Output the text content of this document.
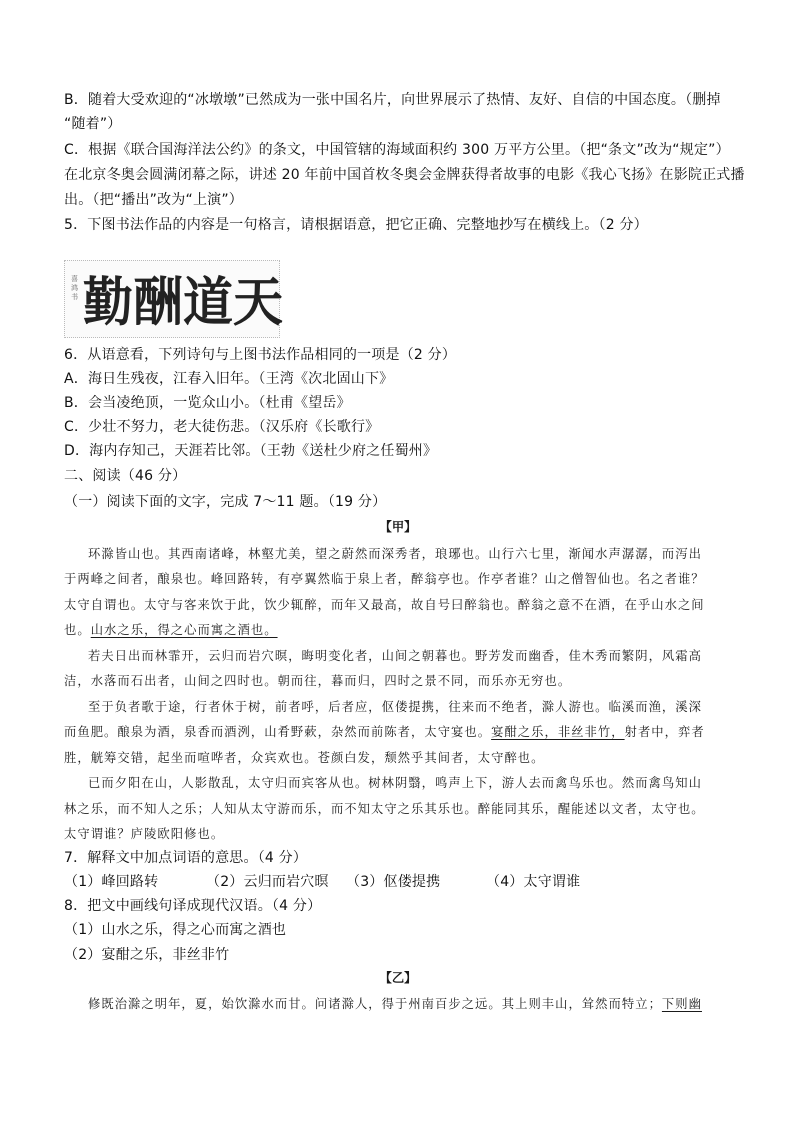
B．随着大受欢迎的“冰墩墩”已然成为一张中国名片，向世界展示了热情、友好、自信的中国态度。（删掉
“随着”）
C．根据《联合国海洋法公约》的条文，中国管辖的海域面积约 300 万平方公里。（把“条文”改为“规定”）
在北京冬奥会圆满闭幕之际，讲述 20 年前中国首枚冬奥会金牌获得者故事的电影《我心飞扬》在影院正式播
出。（把“播出”改为“上演”）
5．下图书法作品的内容是一句格言，请根据语意，把它正确、完整地抄写在横线上。（2 分）
喜鸿书 勤 酬 道 天
6．从语意看，下列诗句与上图书法作品相同的一项是（2 分）
A．海日生残夜，江春入旧年。（王湾《次北固山下》
B．会当凌绝顶，一览众山小。（杜甫《望岳》
C．少壮不努力，老大徒伤悲。（汉乐府《长歌行》
D．海内存知己，天涯若比邻。（王勃《送杜少府之任蜀州》
二、阅读（46 分）
（一）阅读下面的文字，完成 7～11 题。（19 分）
【甲】
环滁皆山也。其西南诸峰，林壑尤美，望之蔚然而深秀者，琅琊也。山行六七里，渐闻水声潺潺，而泻出
于两峰之间者，酿泉也。峰回路转，有亭翼然临于泉上者，醉翁亭也。作亭者谁？山之僧智仙也。名之者谁？
太守自谓也。太守与客来饮于此，饮少辄醉，而年又最高，故自号曰醉翁也。醉翁之意不在酒，在乎山水之间
也。山水之乐，得之心而寓之酒也。
若夫日出而林霏开，云归而岩穴暝，晦明变化者，山间之朝暮也。野芳发而幽香，佳木秀而繁阴，风霜高
洁，水落而石出者，山间之四时也。朝而往，暮而归，四时之景不同，而乐亦无穷也。
至于负者歌于途，行者休于树，前者呼，后者应，伛偻提携，往来而不绝者，滁人游也。临溪而渔，溪深
而鱼肥。酿泉为酒，泉香而酒洌，山肴野蔌，杂然而前陈者，太守宴也。宴酣之乐，非丝非竹，射者中，弈者
胜，觥筹交错，起坐而喧哗者，众宾欢也。苍颜白发，颓然乎其间者，太守醉也。
已而夕阳在山，人影散乱，太守归而宾客从也。树林阴翳，鸣声上下，游人去而禽鸟乐也。然而禽鸟知山
林之乐，而不知人之乐；人知从太守游而乐，而不知太守之乐其乐也。醉能同其乐，醒能述以文者，太守也。
太守谓谁？庐陵欧阳修也。
7．解释文中加点词语的意思。（4 分）
（1）峰回路转	（2）云归而岩穴暝 （3）伛偻提携	（4）太守谓谁
8．把文中画线句译成现代汉语。（4 分）
（1）山水之乐，得之心而寓之酒也
（2）宴酣之乐，非丝非竹
【乙】
修既治滁之明年，夏，始饮滁水而甘。问诸滁人，得于州南百步之远。其上则丰山，耸然而特立；下则幽
